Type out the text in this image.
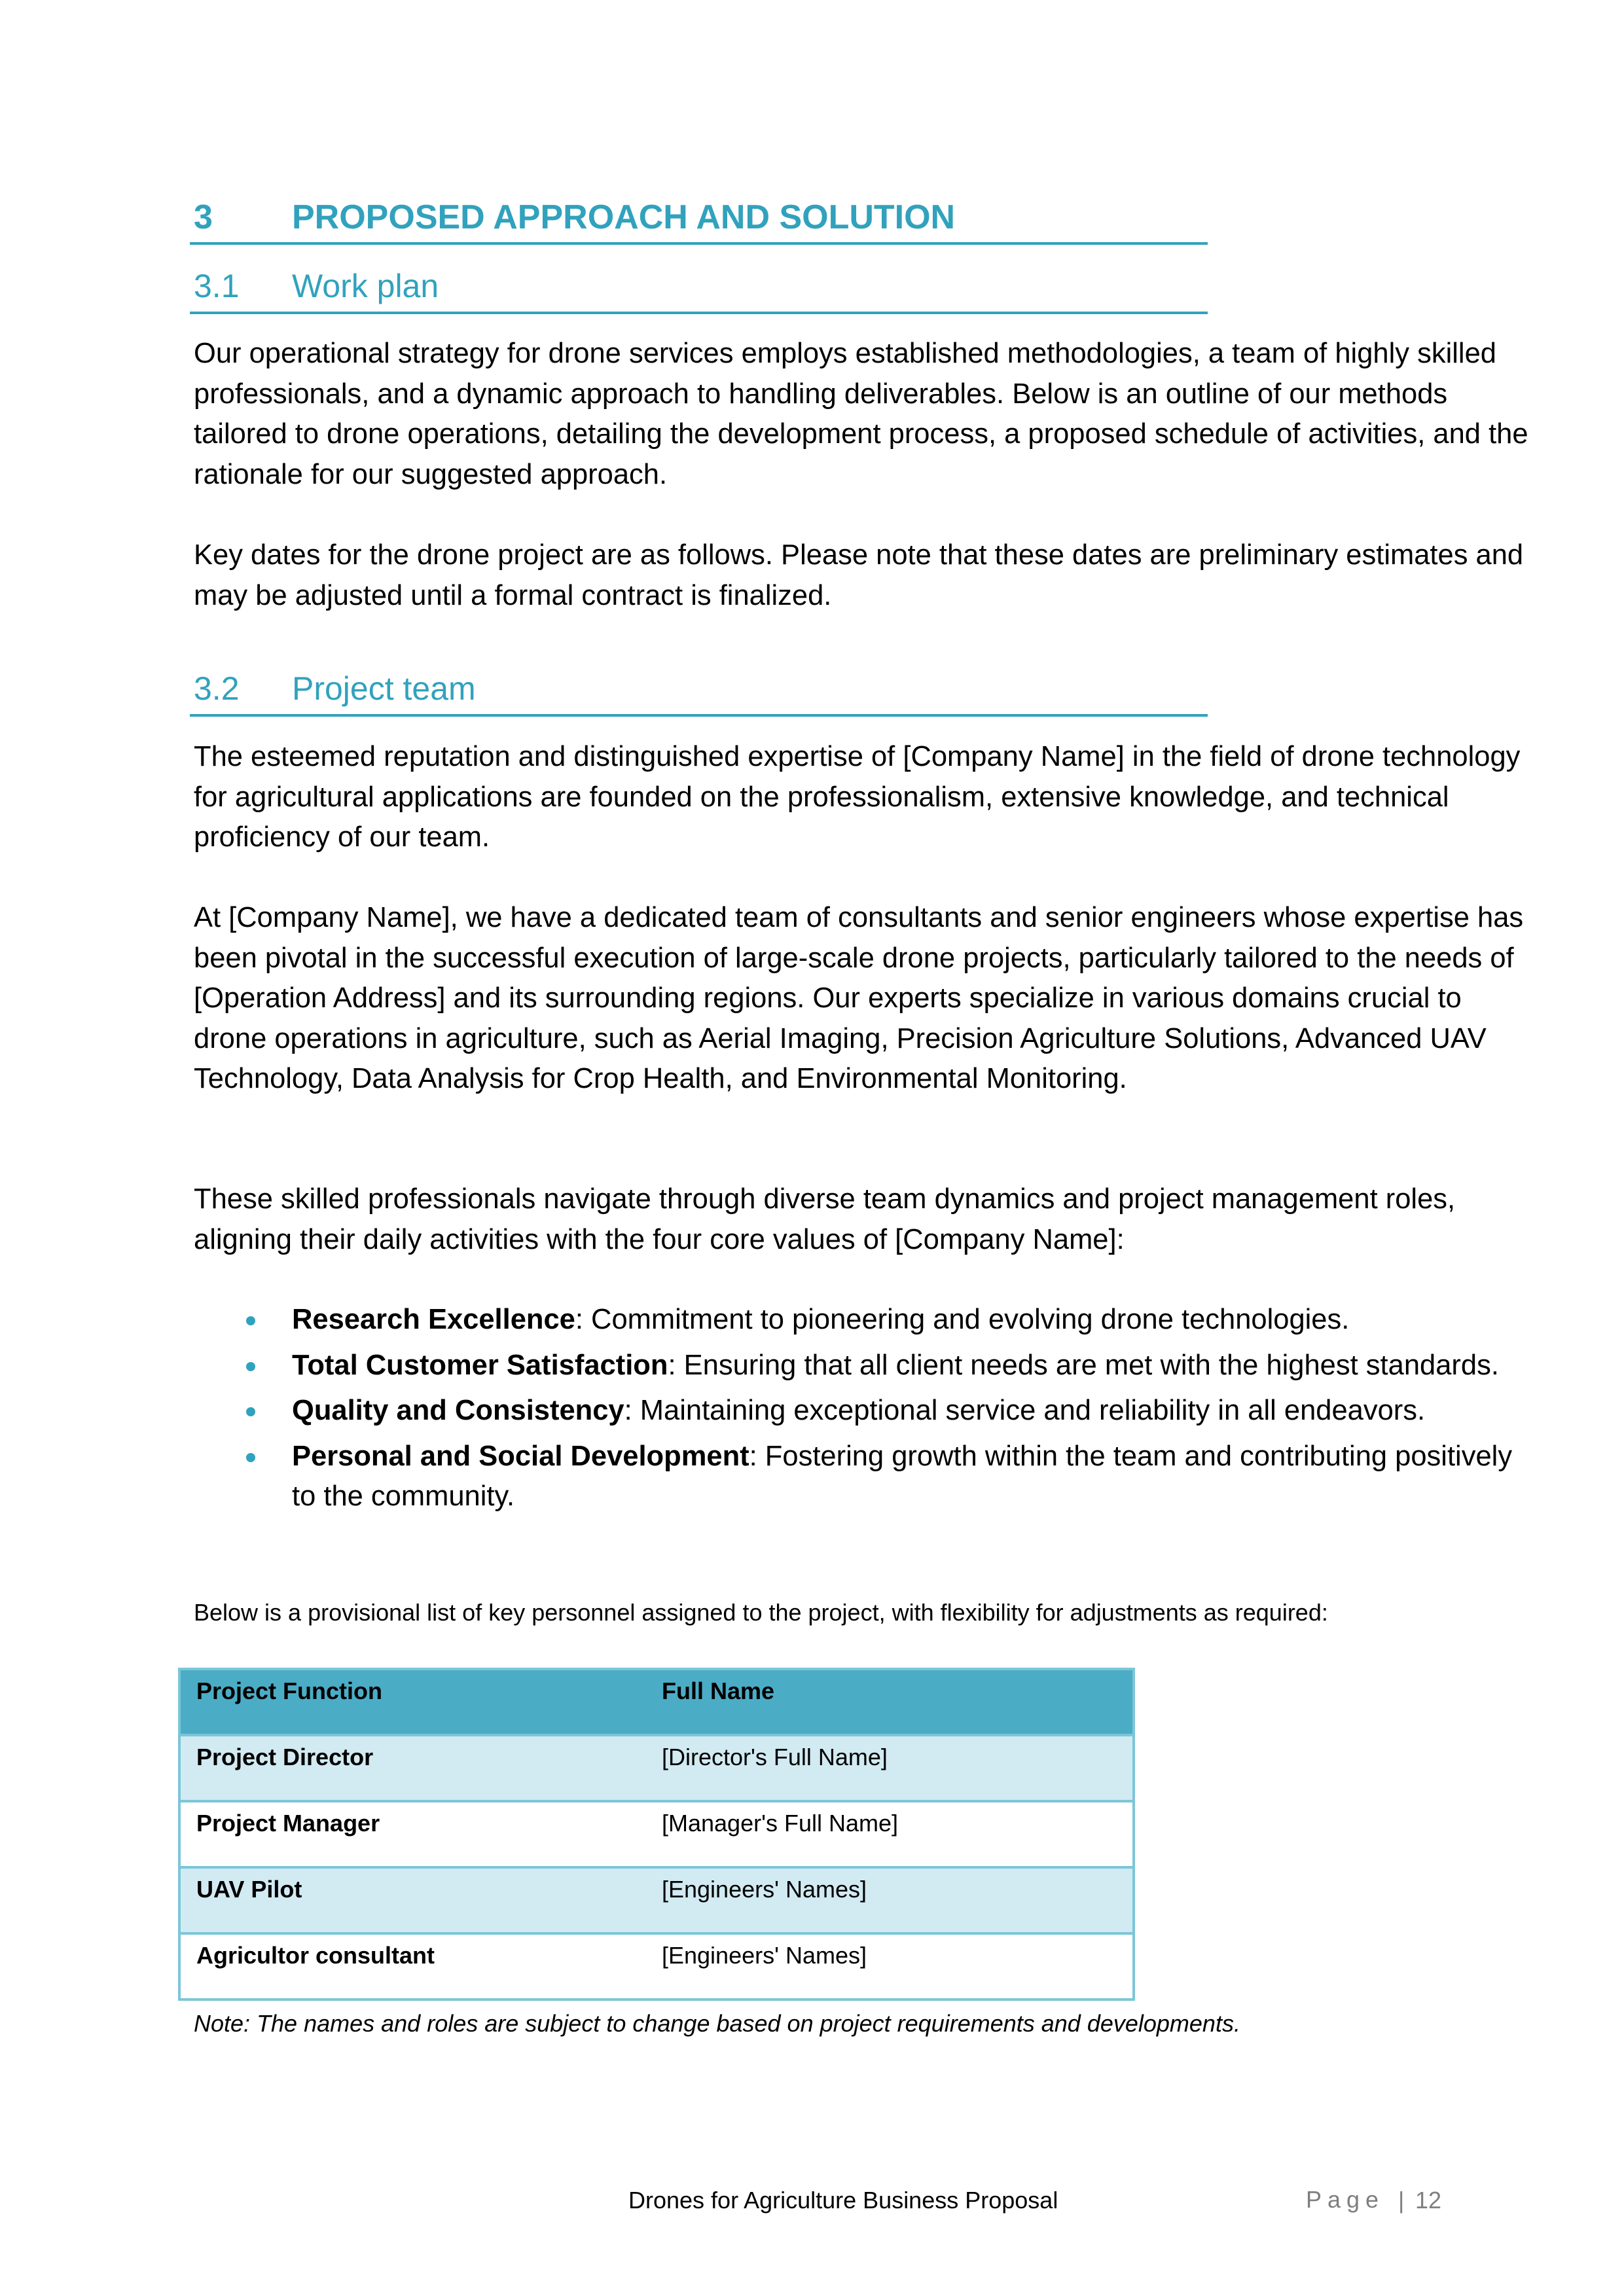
3 PROPOSED APPROACH AND SOLUTION
3.1 Work plan

Our operational strategy for drone services employs established methodologies, a team of highly skilled professionals, and a dynamic approach to handling deliverables. Below is an outline of our methods tailored to drone operations, detailing the development process, a proposed schedule of activities, and the rationale for our suggested approach.

Key dates for the drone project are as follows. Please note that these dates are preliminary estimates and may be adjusted until a formal contract is finalized.

3.2 Project team

The esteemed reputation and distinguished expertise of [Company Name] in the field of drone technology for agricultural applications are founded on the professionalism, extensive knowledge, and technical proficiency of our team.

At [Company Name], we have a dedicated team of consultants and senior engineers whose expertise has been pivotal in the successful execution of large-scale drone projects, particularly tailored to the needs of [Operation Address] and its surrounding regions. Our experts specialize in various domains crucial to drone operations in agriculture, such as Aerial Imaging, Precision Agriculture Solutions, Advanced UAV Technology, Data Analysis for Crop Health, and Environmental Monitoring.

These skilled professionals navigate through diverse team dynamics and project management roles, aligning their daily activities with the four core values of [Company Name]:

Research Excellence: Commitment to pioneering and evolving drone technologies.
Total Customer Satisfaction: Ensuring that all client needs are met with the highest standards.
Quality and Consistency: Maintaining exceptional service and reliability in all endeavors.
Personal and Social Development: Fostering growth within the team and contributing positively to the community.
Below is a provisional list of key personnel assigned to the project, with flexibility for adjustments as required:
Project Function	Full Name
Project Director	[Director's Full Name]
Project Manager	[Manager's Full Name]
UAV Pilot	[Engineers' Names]
Agricultor consultant	[Engineers' Names]
Note: The names and roles are subject to change based on project requirements and developments.
Drones for Agriculture Business Proposal	Page | 12
